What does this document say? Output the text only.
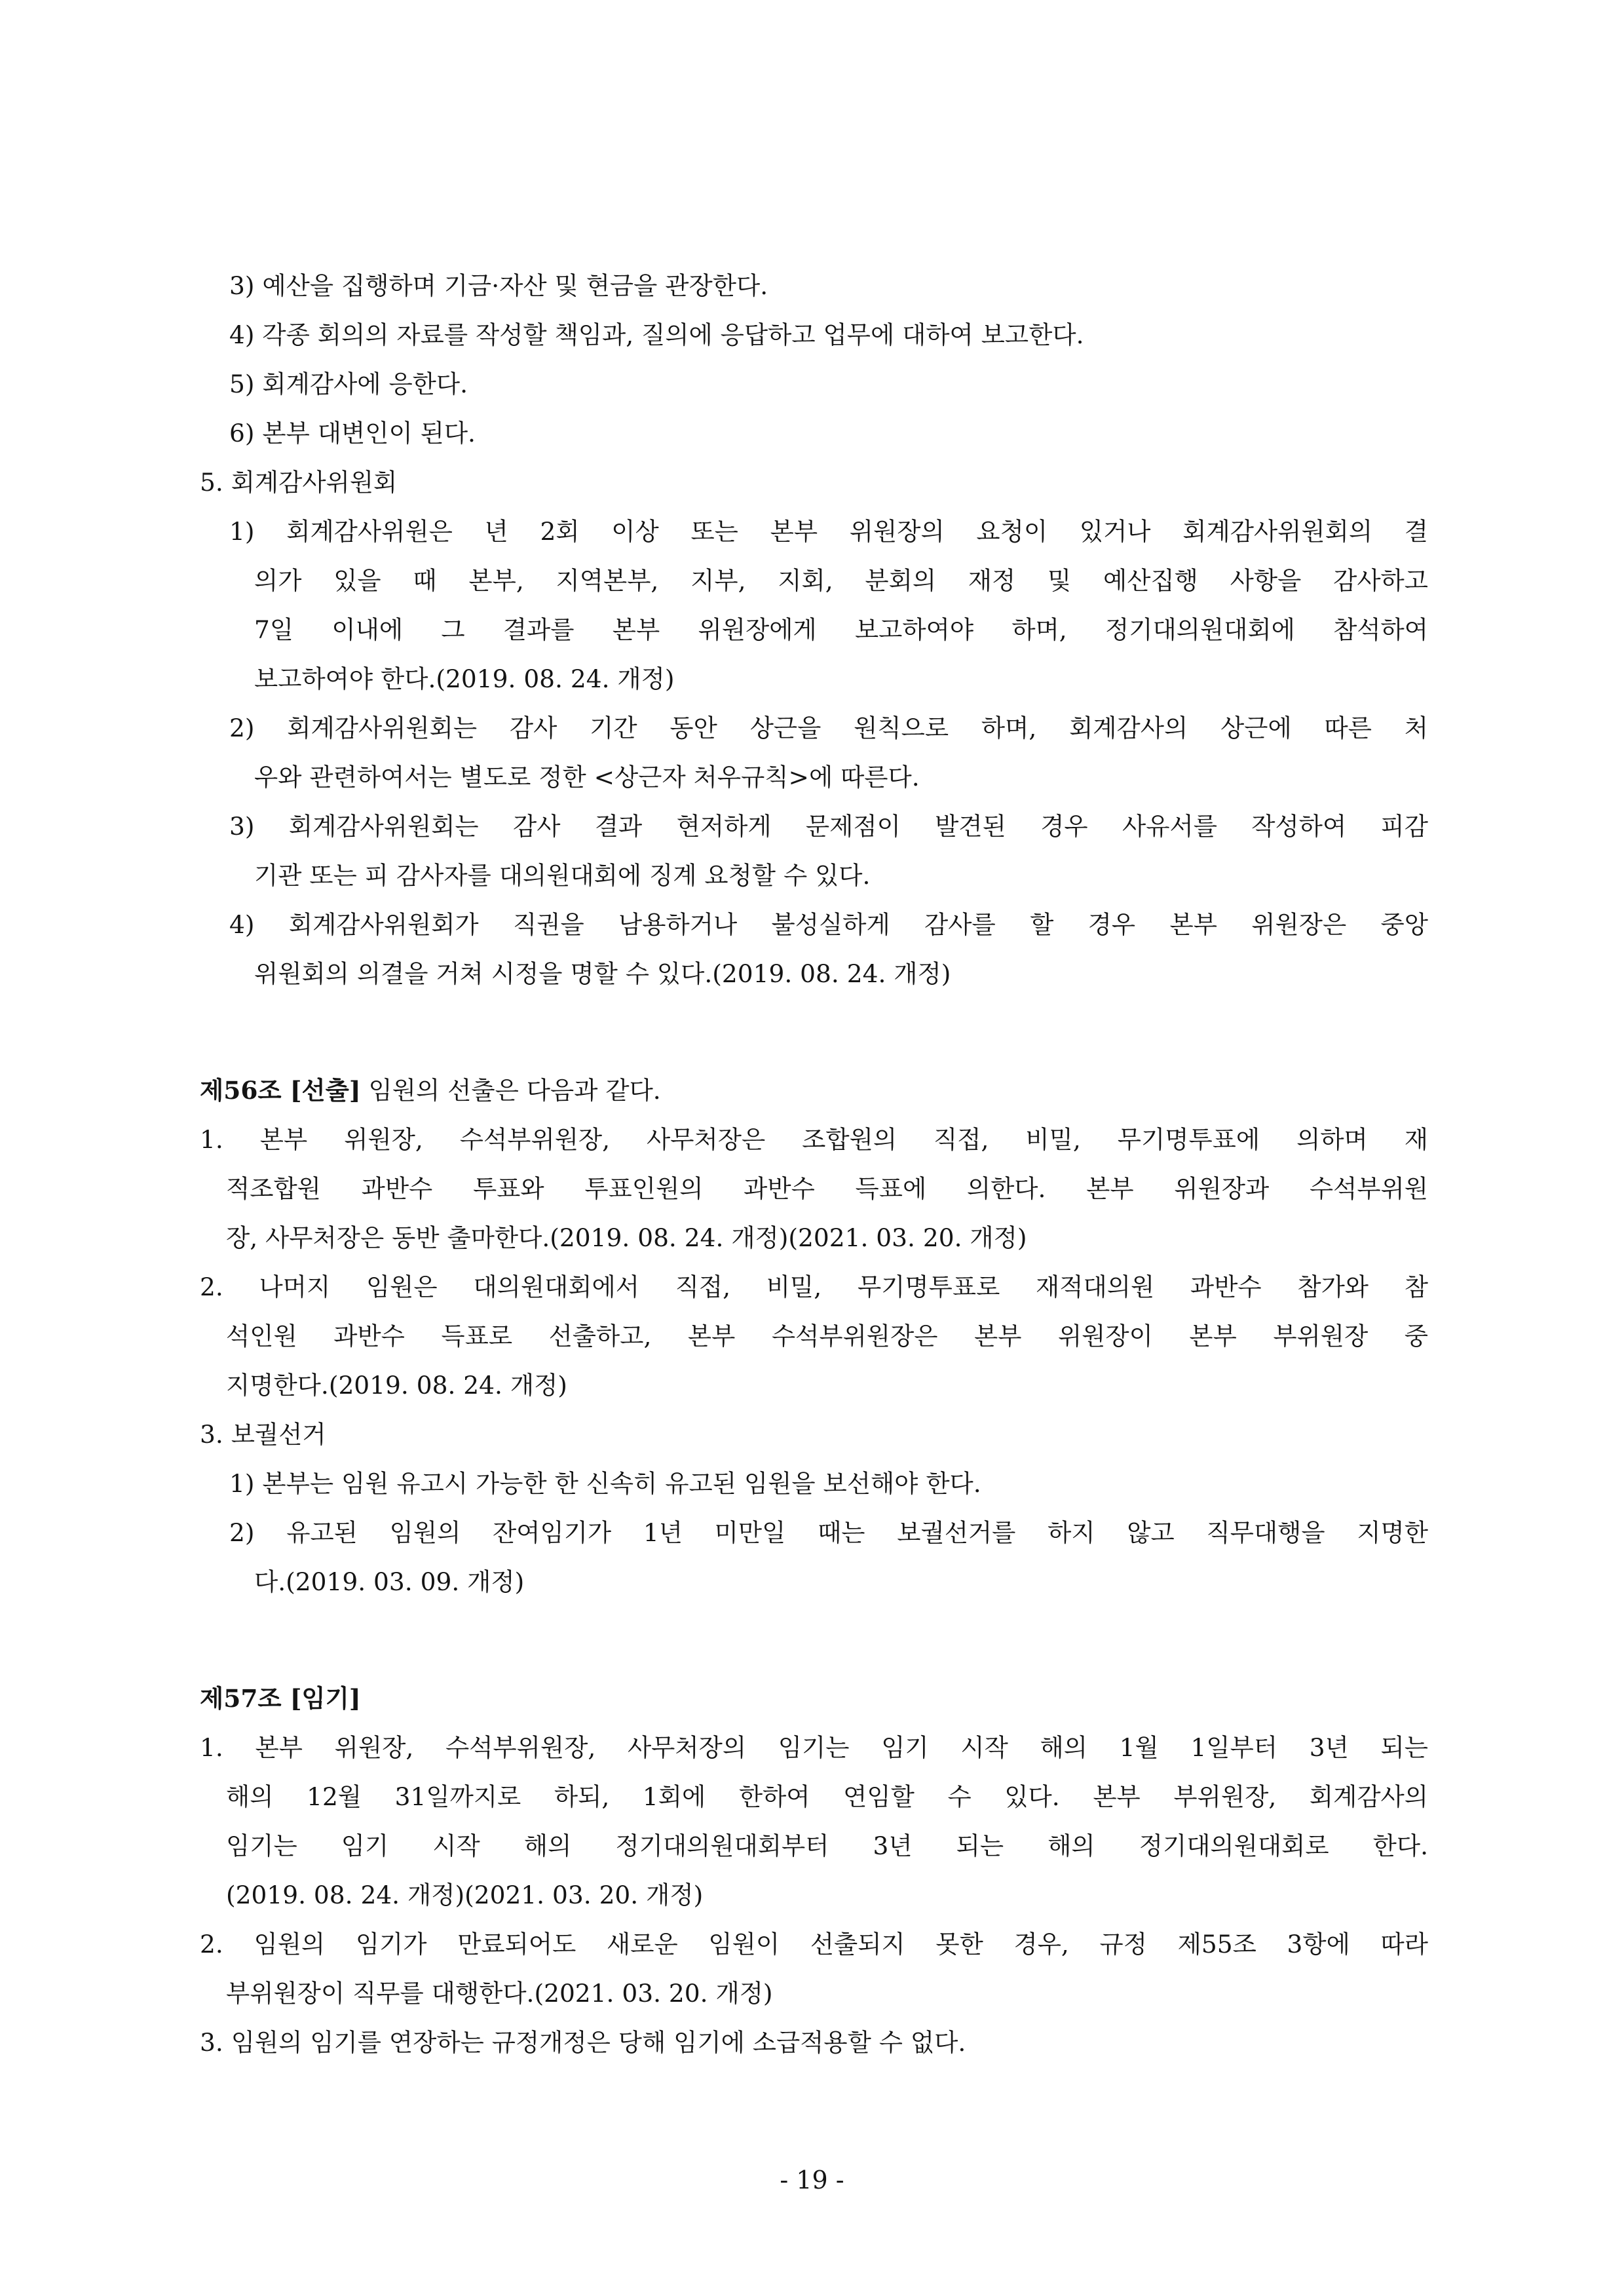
3) 예산을 집행하며 기금·자산 및 현금을 관장한다.
4) 각종 회의의 자료를 작성할 책임과, 질의에 응답하고 업무에 대하여 보고한다.
5) 회계감사에 응한다.
6) 본부 대변인이 된다.
5. 회계감사위원회
1) 회계감사위원은 년 2회 이상 또는 본부 위원장의 요청이 있거나 회계감사위원회의 결
의가 있을 때 본부, 지역본부, 지부, 지회, 분회의 재정 및 예산집행 사항을 감사하고
7일 이내에 그 결과를 본부 위원장에게 보고하여야 하며, 정기대의원대회에 참석하여
보고하여야 한다.(2019. 08. 24. 개정)
2) 회계감사위원회는 감사 기간 동안 상근을 원칙으로 하며, 회계감사의 상근에 따른 처
우와 관련하여서는 별도로 정한 <상근자 처우규칙>에 따른다.
3) 회계감사위원회는 감사 결과 현저하게 문제점이 발견된 경우 사유서를 작성하여 피감
기관 또는 피 감사자를 대의원대회에 징계 요청할 수 있다.
4) 회계감사위원회가 직권을 남용하거나 불성실하게 감사를 할 경우 본부 위원장은 중앙
위원회의 의결을 거쳐 시정을 명할 수 있다.(2019. 08. 24. 개정)
제56조 [선출] 임원의 선출은 다음과 같다.
1. 본부 위원장, 수석부위원장, 사무처장은 조합원의 직접, 비밀, 무기명투표에 의하며 재
적조합원 과반수 투표와 투표인원의 과반수 득표에 의한다. 본부 위원장과 수석부위원
장, 사무처장은 동반 출마한다.(2019. 08. 24. 개정)(2021. 03. 20. 개정)
2. 나머지 임원은 대의원대회에서 직접, 비밀, 무기명투표로 재적대의원 과반수 참가와 참
석인원 과반수 득표로 선출하고, 본부 수석부위원장은 본부 위원장이 본부 부위원장 중
지명한다.(2019. 08. 24. 개정)
3. 보궐선거
1) 본부는 임원 유고시 가능한 한 신속히 유고된 임원을 보선해야 한다.
2) 유고된 임원의 잔여임기가 1년 미만일 때는 보궐선거를 하지 않고 직무대행을 지명한
다.(2019. 03. 09. 개정)
제57조 [임기]
1. 본부 위원장, 수석부위원장, 사무처장의 임기는 임기 시작 해의 1월 1일부터 3년 되는
해의 12월 31일까지로 하되, 1회에 한하여 연임할 수 있다. 본부 부위원장, 회계감사의
임기는 임기 시작 해의 정기대의원대회부터 3년 되는 해의 정기대의원대회로 한다.
(2019. 08. 24. 개정)(2021. 03. 20. 개정)
2. 임원의 임기가 만료되어도 새로운 임원이 선출되지 못한 경우, 규정 제55조 3항에 따라
부위원장이 직무를 대행한다.(2021. 03. 20. 개정)
3. 임원의 임기를 연장하는 규정개정은 당해 임기에 소급적용할 수 없다.
- 19 -
